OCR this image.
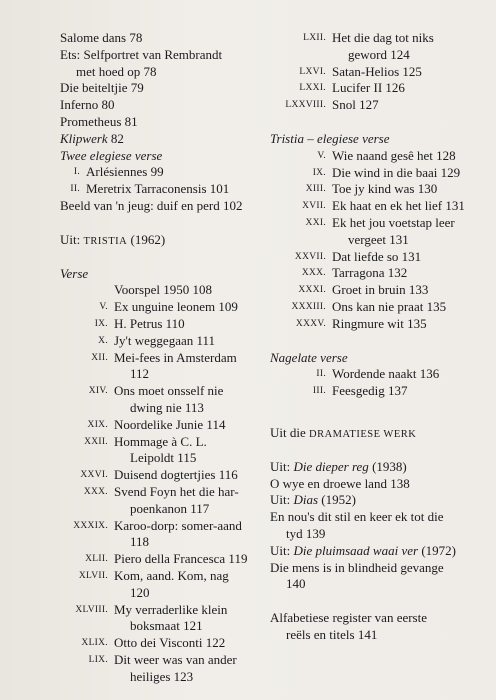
Salome dans 78
Ets: Selfportret van Rembrandt
met hoed op 78
Die beiteltjie 79
Inferno 80
Prometheus 81
Klipwerk 82
Twee elegiese verse
I. Arlésiennes 99
II. Meretrix Tarraconensis 101
Beeld van 'n jeug: duif en perd 102
Uit: TRISTIA (1962)
Verse
Voorspel 1950 108
V. Ex unguine leonem 109
IX. H. Petrus 110
X. Jy't weggegaan 111
XII. Mei-fees in Amsterdam
112
XIV. Ons moet onsself nie
dwing nie 113
XIX. Noordelike Junie 114
XXII. Hommage à C. L.
Leipoldt 115
XXVI. Duisend dogtertjies 116
XXX. Svend Foyn het die har-
poenkanon 117
XXXIX. Karoo-dorp: somer-aand
118
XLII. Piero della Francesca 119
XLVII. Kom, aand. Kom, nag
120
XLVIII. My verraderlike klein
boksmaat 121
XLIX. Otto dei Visconti 122
LIX. Dit weer was van ander
heiliges 123
LXII. Het die dag tot niks
geword 124
LXVI. Satan-Helios 125
LXXI. Lucifer II 126
LXXVIII. Snol 127
Tristia – elegiese verse
V. Wie naand gesê het 128
IX. Die wind in die baai 129
XIII. Toe jy kind was 130
XVII. Ek haat en ek het lief 131
XXI. Ek het jou voetstap leer
vergeet 131
XXVII. Dat liefde so 131
XXX. Tarragona 132
XXXI. Groet in bruin 133
XXXIII. Ons kan nie praat 135
XXXV. Ringmure wit 135
Nagelate verse
II. Wordende naakt 136
III. Feesgedig 137
Uit die DRAMATIESE WERK
Uit: Die dieper reg (1938)
O wye en droewe land 138
Uit: Dias (1952)
En nou's dit stil en keer ek tot die
tyd 139
Uit: Die pluimsaad waai ver (1972)
Die mens is in blindheid gevange
140
Alfabetiese register van eerste
reëls en titels 141
